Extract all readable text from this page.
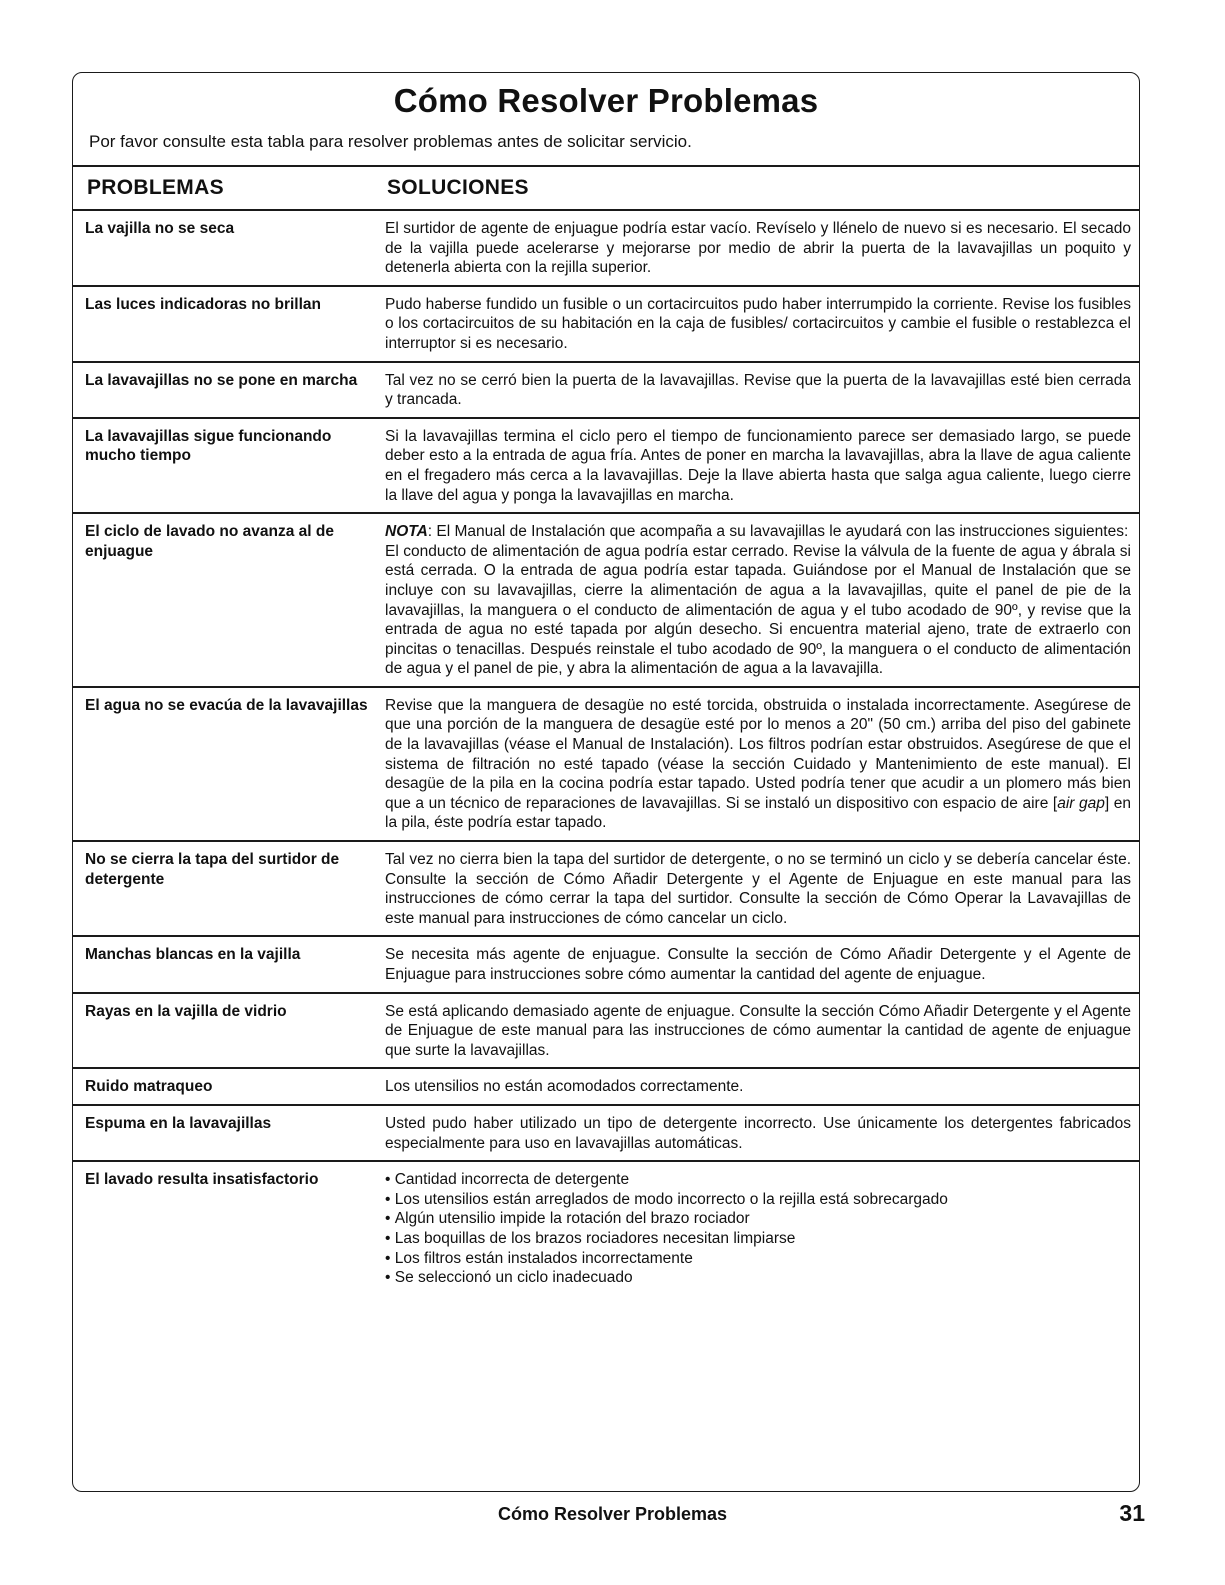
Cómo Resolver Problemas
Por favor consulte esta tabla para resolver problemas antes de solicitar servicio.
PROBLEMAS	SOLUCIONES
La vajilla no se seca	El surtidor de agente de enjuague podría estar vacío. Revíselo y llénelo de nuevo si es necesario. El secado de la vajilla puede acelerarse y mejorarse por medio de abrir la puerta de la lavavajillas un poquito y detenerla abierta con la rejilla superior.
Las luces indicadoras no brillan	Pudo haberse fundido un fusible o un cortacircuitos pudo haber interrumpido la corriente. Revise los fusibles o los cortacircuitos de su habitación en la caja de fusibles/ cortacircuitos y cambie el fusible o restablezca el interruptor si es necesario.
La lavavajillas no se pone en marcha	Tal vez no se cerró bien la puerta de la lavavajillas. Revise que la puerta de la lavavajillas esté bien cerrada y trancada.
La lavavajillas sigue funcionando mucho tiempo
Si la lavavajillas termina el ciclo pero el tiempo de funcionamiento parece ser demasiado largo, se puede deber esto a la entrada de agua fría. Antes de poner en marcha la lavavajillas, abra la llave de agua caliente en el fregadero más cerca a la lavavajillas. Deje la llave abierta hasta que salga agua caliente, luego cierre la llave del agua y ponga la lavavajillas en marcha.
El ciclo de lavado no avanza al de enjuague

NOTA: El Manual de Instalación que acompaña a su lavavajillas le ayudará con las instrucciones siguientes:

El conducto de alimentación de agua podría estar cerrado. Revise la válvula de la fuente de agua y ábrala si está cerrada. O la entrada de agua podría estar tapada. Guiándose por el Manual de Instalación que se incluye con su lavavajillas, cierre la alimentación de agua a la lavavajillas, quite el panel de pie de la lavavajillas, la manguera o el conducto de alimentación de agua y el tubo acodado de 90º, y revise que la entrada de agua no esté tapada por algún desecho. Si encuentra material ajeno, trate de extraerlo con pincitas o tenacillas. Después reinstale el tubo acodado de 90º, la manguera o el conducto de alimentación de agua y el panel de pie, y abra la alimentación de agua a la lavavajilla.

El agua no se evacúa de la lavavajillas	Revise que la manguera de desagüe no esté torcida, obstruida o instalada incorrectamente. Asegúrese de que una porción de la manguera de desagüe esté por lo menos a 20" (50 cm.) arriba del piso del gabinete de la lavavajillas (véase el Manual de Instalación). Los filtros podrían estar obstruidos. Asegúrese de que el sistema de filtración no esté tapado (véase la sección Cuidado y Mantenimiento de este manual). El desagüe de la pila en la cocina podría estar tapado. Usted podría tener que acudir a un plomero más bien que a un técnico de reparaciones de lavavajillas. Si se instaló un dispositivo con espacio de aire [air gap] en la pila, éste podría estar tapado.
No se cierra la tapa del surtidor de detergente
Tal vez no cierra bien la tapa del surtidor de detergente, o no se terminó un ciclo y se debería cancelar éste. Consulte la sección de Cómo Añadir Detergente y el Agente de Enjuague en este manual para las instrucciones de cómo cerrar la tapa del surtidor. Consulte la sección de Cómo Operar la Lavavajillas de este manual para instrucciones de cómo cancelar un ciclo.
Manchas blancas en la vajilla	Se necesita más agente de enjuague. Consulte la sección de Cómo Añadir Detergente y el Agente de Enjuague para instrucciones sobre cómo aumentar la cantidad del agente de enjuague.
Rayas en la vajilla de vidrio	Se está aplicando demasiado agente de enjuague. Consulte la sección Cómo Añadir Detergente y el Agente de Enjuague de este manual para las instrucciones de cómo aumentar la cantidad de agente de enjuague que surte la lavavajillas.
Ruido matraqueo	Los utensilios no están acomodados correctamente.
Espuma en la lavavajillas	Usted pudo haber utilizado un tipo de detergente incorrecto. Use únicamente los detergentes fabricados especialmente para uso en lavavajillas automáticas.
El lavado resulta insatisfactorio
•	Cantidad incorrecta de detergente
• Los utensilios están arreglados de modo incorrecto o la rejilla está sobrecargado
• Algún utensilio impide la rotación del brazo rociador
• Las boquillas de los brazos rociadores necesitan limpiarse
• Los filtros están instalados incorrectamente
• Se seleccionó un ciclo inadecuado
Cómo Resolver Problemas	31
